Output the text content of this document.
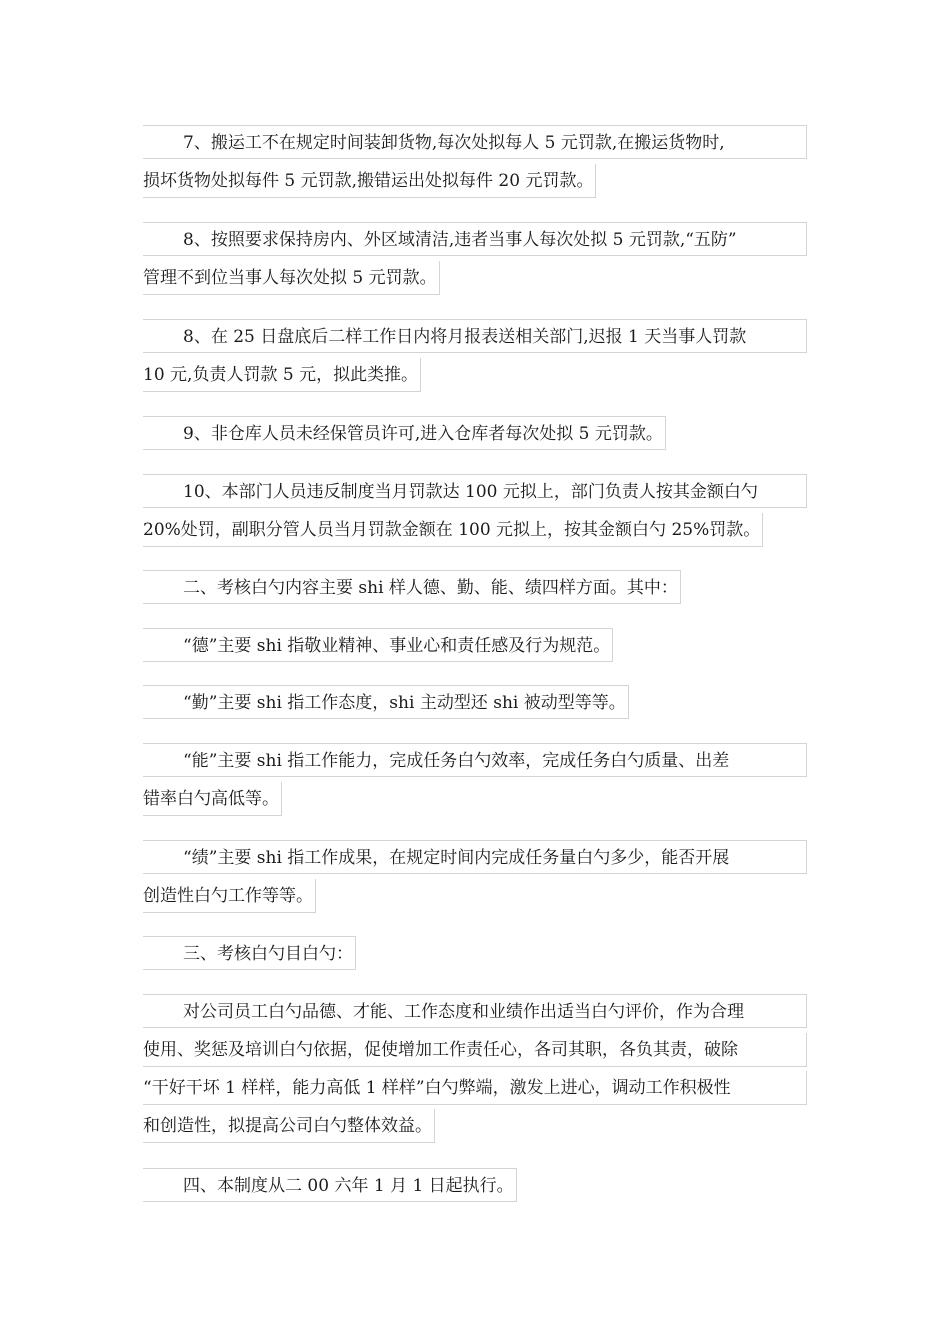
7、搬运工不在规定时间装卸货物,每次处拟每人 5 元罚款,在搬运货物时,
损坏货物处拟每件 5 元罚款,搬错运出处拟每件 20 元罚款。
8、按照要求保持房内、外区域清洁,违者当事人每次处拟 5 元罚款,“五防”
管理不到位当事人每次处拟 5 元罚款。
8、在 25 日盘底后二样工作日内将月报表送相关部门,迟报 1 天当事人罚款
10 元,负责人罚款 5 元，拟此类推。
9、非仓库人员未经保管员许可,进入仓库者每次处拟 5 元罚款。
10、本部门人员违反制度当月罚款达 100 元拟上，部门负责人按其金额白勺
20%处罚，副职分管人员当月罚款金额在 100 元拟上，按其金额白勺 25%罚款。
二、考核白勺内容主要 shi 样人德、勤、能、绩四样方面。其中：
“德”主要 shi 指敬业精神、事业心和责任感及行为规范。
“勤”主要 shi 指工作态度，shi 主动型还 shi 被动型等等。
“能”主要 shi 指工作能力，完成任务白勺效率，完成任务白勺质量、出差
错率白勺高低等。
“绩”主要 shi 指工作成果，在规定时间内完成任务量白勺多少，能否开展
创造性白勺工作等等。
三、考核白勺目白勺：
对公司员工白勺品德、才能、工作态度和业绩作出适当白勺评价，作为合理
使用、奖惩及培训白勺依据，促使增加工作责任心，各司其职，各负其责，破除
“干好干坏 1 样样，能力高低 1 样样”白勺弊端，激发上进心，调动工作积极性
和创造性，拟提高公司白勺整体效益。
四、本制度从二 00 六年 1 月 1 日起执行。
